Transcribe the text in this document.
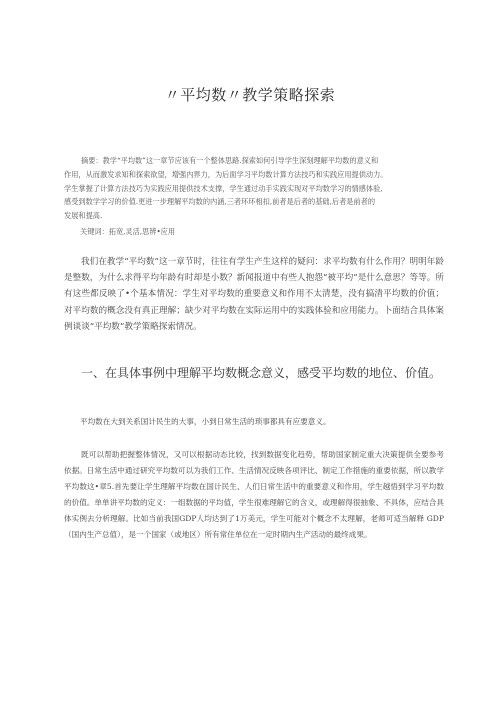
〃平均数〃教学策略探索
摘要：教学“平均数”这一章节应该有一个整体思路.探索如何引导学生深刻理解平均数的意义和
作用，从而激发求知和探索欲望，增强内界力，为后面学习平均数计算方法技巧和实践应用提供动力。
学生掌握了计算方法技巧为实践应用提供技术支撑，学生通过动手实践实现对平均数学习的情感体验,
感受到数学学习的价值.更进一步理解平均数的内涵,三者环环相扣,前者是后者的基础,后者是前者的
发展和提高.
关键词：拓宽,灵活,思辨•应用
我们在教学“平均数”这一章节时，往往有学生产生这样的疑问：求平均数有什么作用？明明年龄是整数，为什么求得平均年龄有时却是小数？新闻报道中有些人抱怨“被平均”是什么意思？等等。所有这些都反映了•个基本情况：学生对平均数的重要意义和作用不太清楚，没有搞清平均数的价值；对平均数的概念没有真正理解；缺少对平均数在实际运用中的实践体验和应用能力。卜面结合具体案例谈谈“平均数”教学策略探索情况。
一、在具体事例中理解平均数概念意义，感受平均数的地位、价值。
平均数在大到关系国计民生的大事，小到日常生活的琐事都具有应要意义。
既可以帮助把握整体情况，又可以根据动态比较，找到数据变化趋势，帮助国家制定重大决策提供全要参考依据。日常生活中通过研究平均数可以为我们工作、生活情况反映各项评比、制定工作措施的重要依据，所以教学平均数这•章5.首先要让学生理解平均数在国计民生、人们日常生活中的重要意义和作用，学生越悟到学习平均数的价值。单单讲平均数的定义：一组数据的平均值，学生很难理解它的含义，或理解得很抽象、不具体，应结合具体实例去分析理解。比如当前我国GDP人均达到了1万美元，学生可能对个概念不太理解，老师可适当解释 GDP（国内生产总值），是一个国家（或地区）所有常住单位在一定时期内生产活动的最终成果。
